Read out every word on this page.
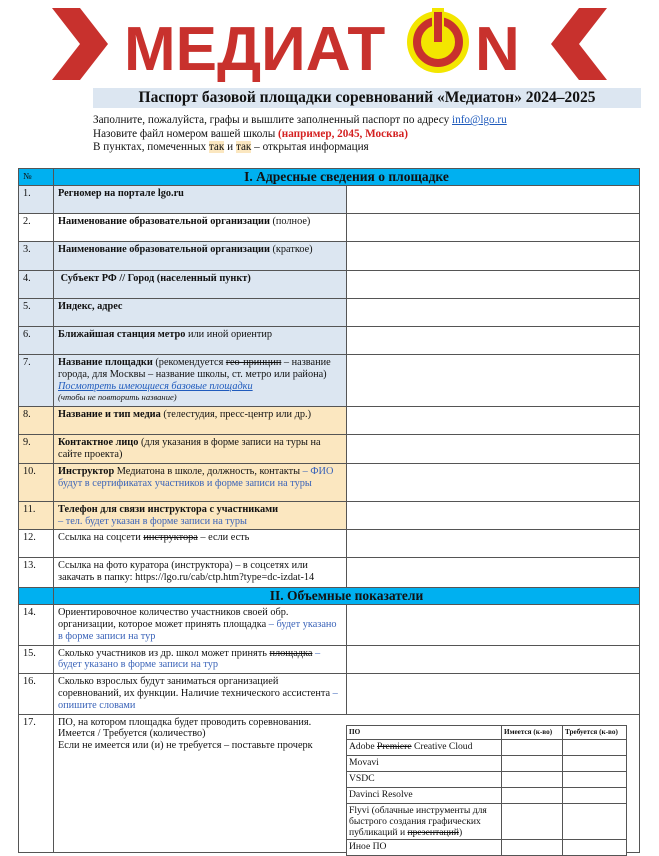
МЕДИАТ N
Паспорт базовой площадки соревнований «Медиатон» 2024–2025
Заполните, пожалуйста, графы и вышлите заполненный паспорт по адресу info@lgo.ru
Назовите файл номером вашей школы (например, 2045, Москва)
В пунктах, помеченных так и так – открытая информация
№	I. Адресные сведения о площадке
1.	Регномер на портале lgo.ru	
2.	Наименование образовательной организации (полное)	
3.	Наименование образовательной организации (краткое)	
4.	Субъект РФ // Город (населенный пункт)	
5.	Индекс, адрес	
6.	Ближайшая станция метро или иной ориентир	
7.	Название площадки (рекомендуется гео-принцип – название города, для Москвы – название школы, ст. метро или района) Посмотреть имеющиеся базовые площадки
(чтобы не повторить название)	
8.	Название и тип медиа (телестудия, пресс-центр или др.)	
9.	Контактное лицо (для указания в форме записи на туры на сайте проекта)	
10.	Инструктор Медиатона в школе, должность, контакты – ФИО будут в сертификатах участников и форме записи на туры	
11.	Телефон для связи инструктора с участниками
– тел. будет указан в форме записи на туры	
12.	Ссылка на соцсети инструктора – если есть	
13.	Ссылка на фото куратора (инструктора) – в соцсетях или закачать в папку: https://lgo.ru/cab/ctp.htm?type=dc-izdat-14	
	II. Объемные показатели
14.	Ориентировочное количество участников своей обр. организации, которое может принять площадка – будет указано в форме записи на тур	
15.	Сколько участников из др. школ может принять площадка – будет указано в форме записи на тур	
16.	Сколько взрослых будут заниматься организацией соревнований, их функции. Наличие технического ассистента – опишите словами	
17.	ПО, на котором площадка будет проводить соревнования. Имеется / Требуется (количество)
Если не имеется или (и) не требуется – поставьте прочерк
ПО	Имеется (к-во)	Требуется (к-во)
Adobe Premiere Creative Cloud		
Movavi		
VSDC		
Davinci Resolve		
Flyvi (облачные инструменты для быстрого создания графических публикаций и презентаций)		
Иное ПО		
